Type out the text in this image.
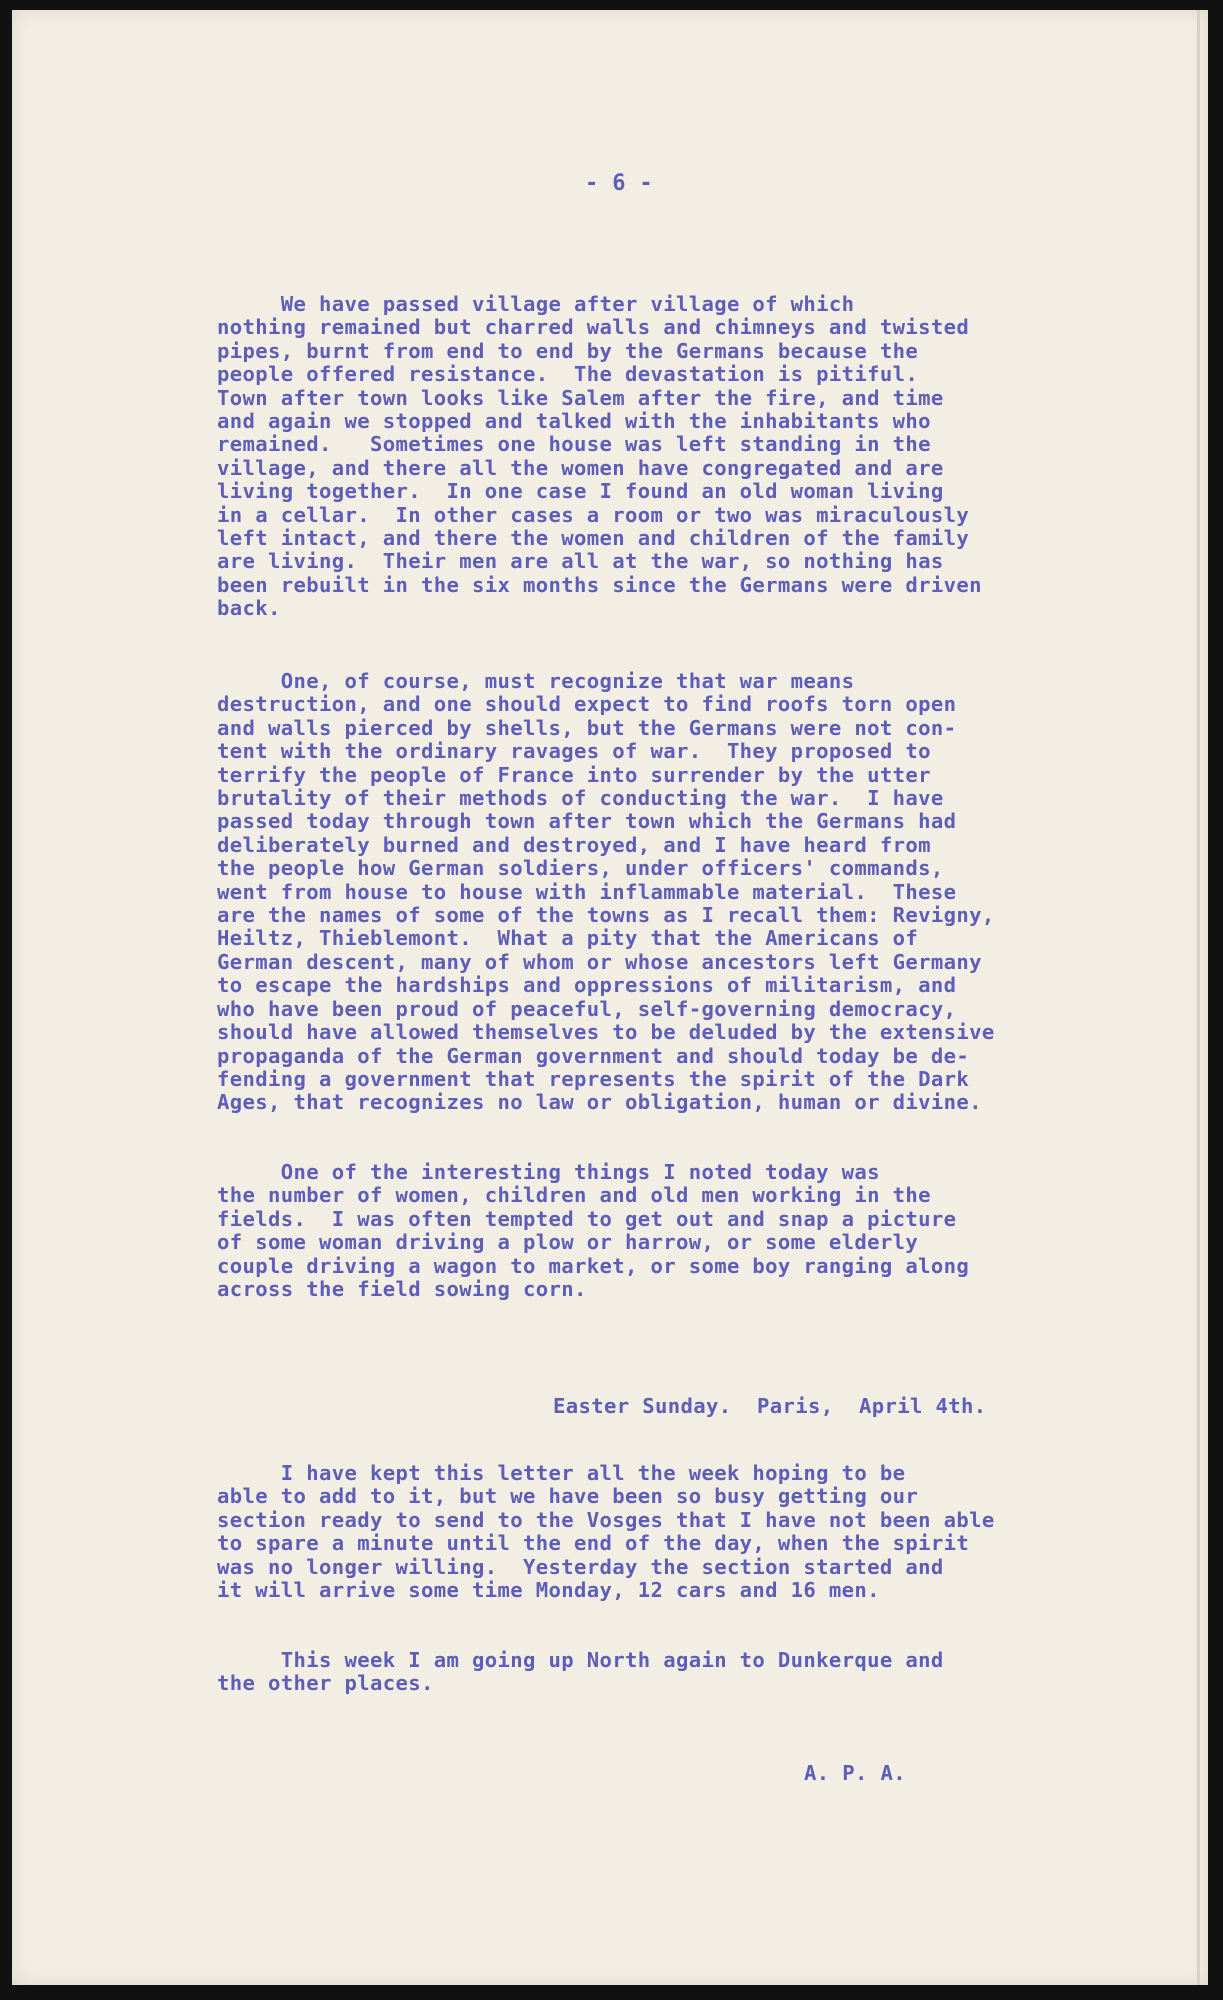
- 6 -

We have passed village after village of which
nothing remained but charred walls and chimneys and twisted
pipes, burnt from end to end by the Germans because the
people offered resistance.  The devastation is pitiful.
Town after town looks like Salem after the fire, and time
and again we stopped and talked with the inhabitants who
remained.   Sometimes one house was left standing in the
village, and there all the women have congregated and are
living together.  In one case I found an old woman living
in a cellar.  In other cases a room or two was miraculously
left intact, and there the women and children of the family
are living.  Their men are all at the war, so nothing has
been rebuilt in the six months since the Germans were driven
back.

One, of course, must recognize that war means
destruction, and one should expect to find roofs torn open
and walls pierced by shells, but the Germans were not con-
tent with the ordinary ravages of war.  They proposed to
terrify the people of France into surrender by the utter
brutality of their methods of conducting the war.  I have
passed today through town after town which the Germans had
deliberately burned and destroyed, and I have heard from
the people how German soldiers, under officers' commands,
went from house to house with inflammable material.  These
are the names of some of the towns as I recall them: Revigny,
Heiltz, Thieblemont.  What a pity that the Americans of
German descent, many of whom or whose ancestors left Germany
to escape the hardships and oppressions of militarism, and
who have been proud of peaceful, self-governing democracy,
should have allowed themselves to be deluded by the extensive
propaganda of the German government and should today be de-
fending a government that represents the spirit of the Dark
Ages, that recognizes no law or obligation, human or divine.

One of the interesting things I noted today was
the number of women, children and old men working in the
fields.  I was often tempted to get out and snap a picture
of some woman driving a plow or harrow, or some elderly
couple driving a wagon to market, or some boy ranging along
across the field sowing corn.

Easter Sunday.  Paris,  April 4th.

I have kept this letter all the week hoping to be
able to add to it, but we have been so busy getting our
section ready to send to the Vosges that I have not been able
to spare a minute until the end of the day, when the spirit
was no longer willing.  Yesterday the section started and
it will arrive some time Monday, 12 cars and 16 men.

This week I am going up North again to Dunkerque and
the other places.

A. P. A.
